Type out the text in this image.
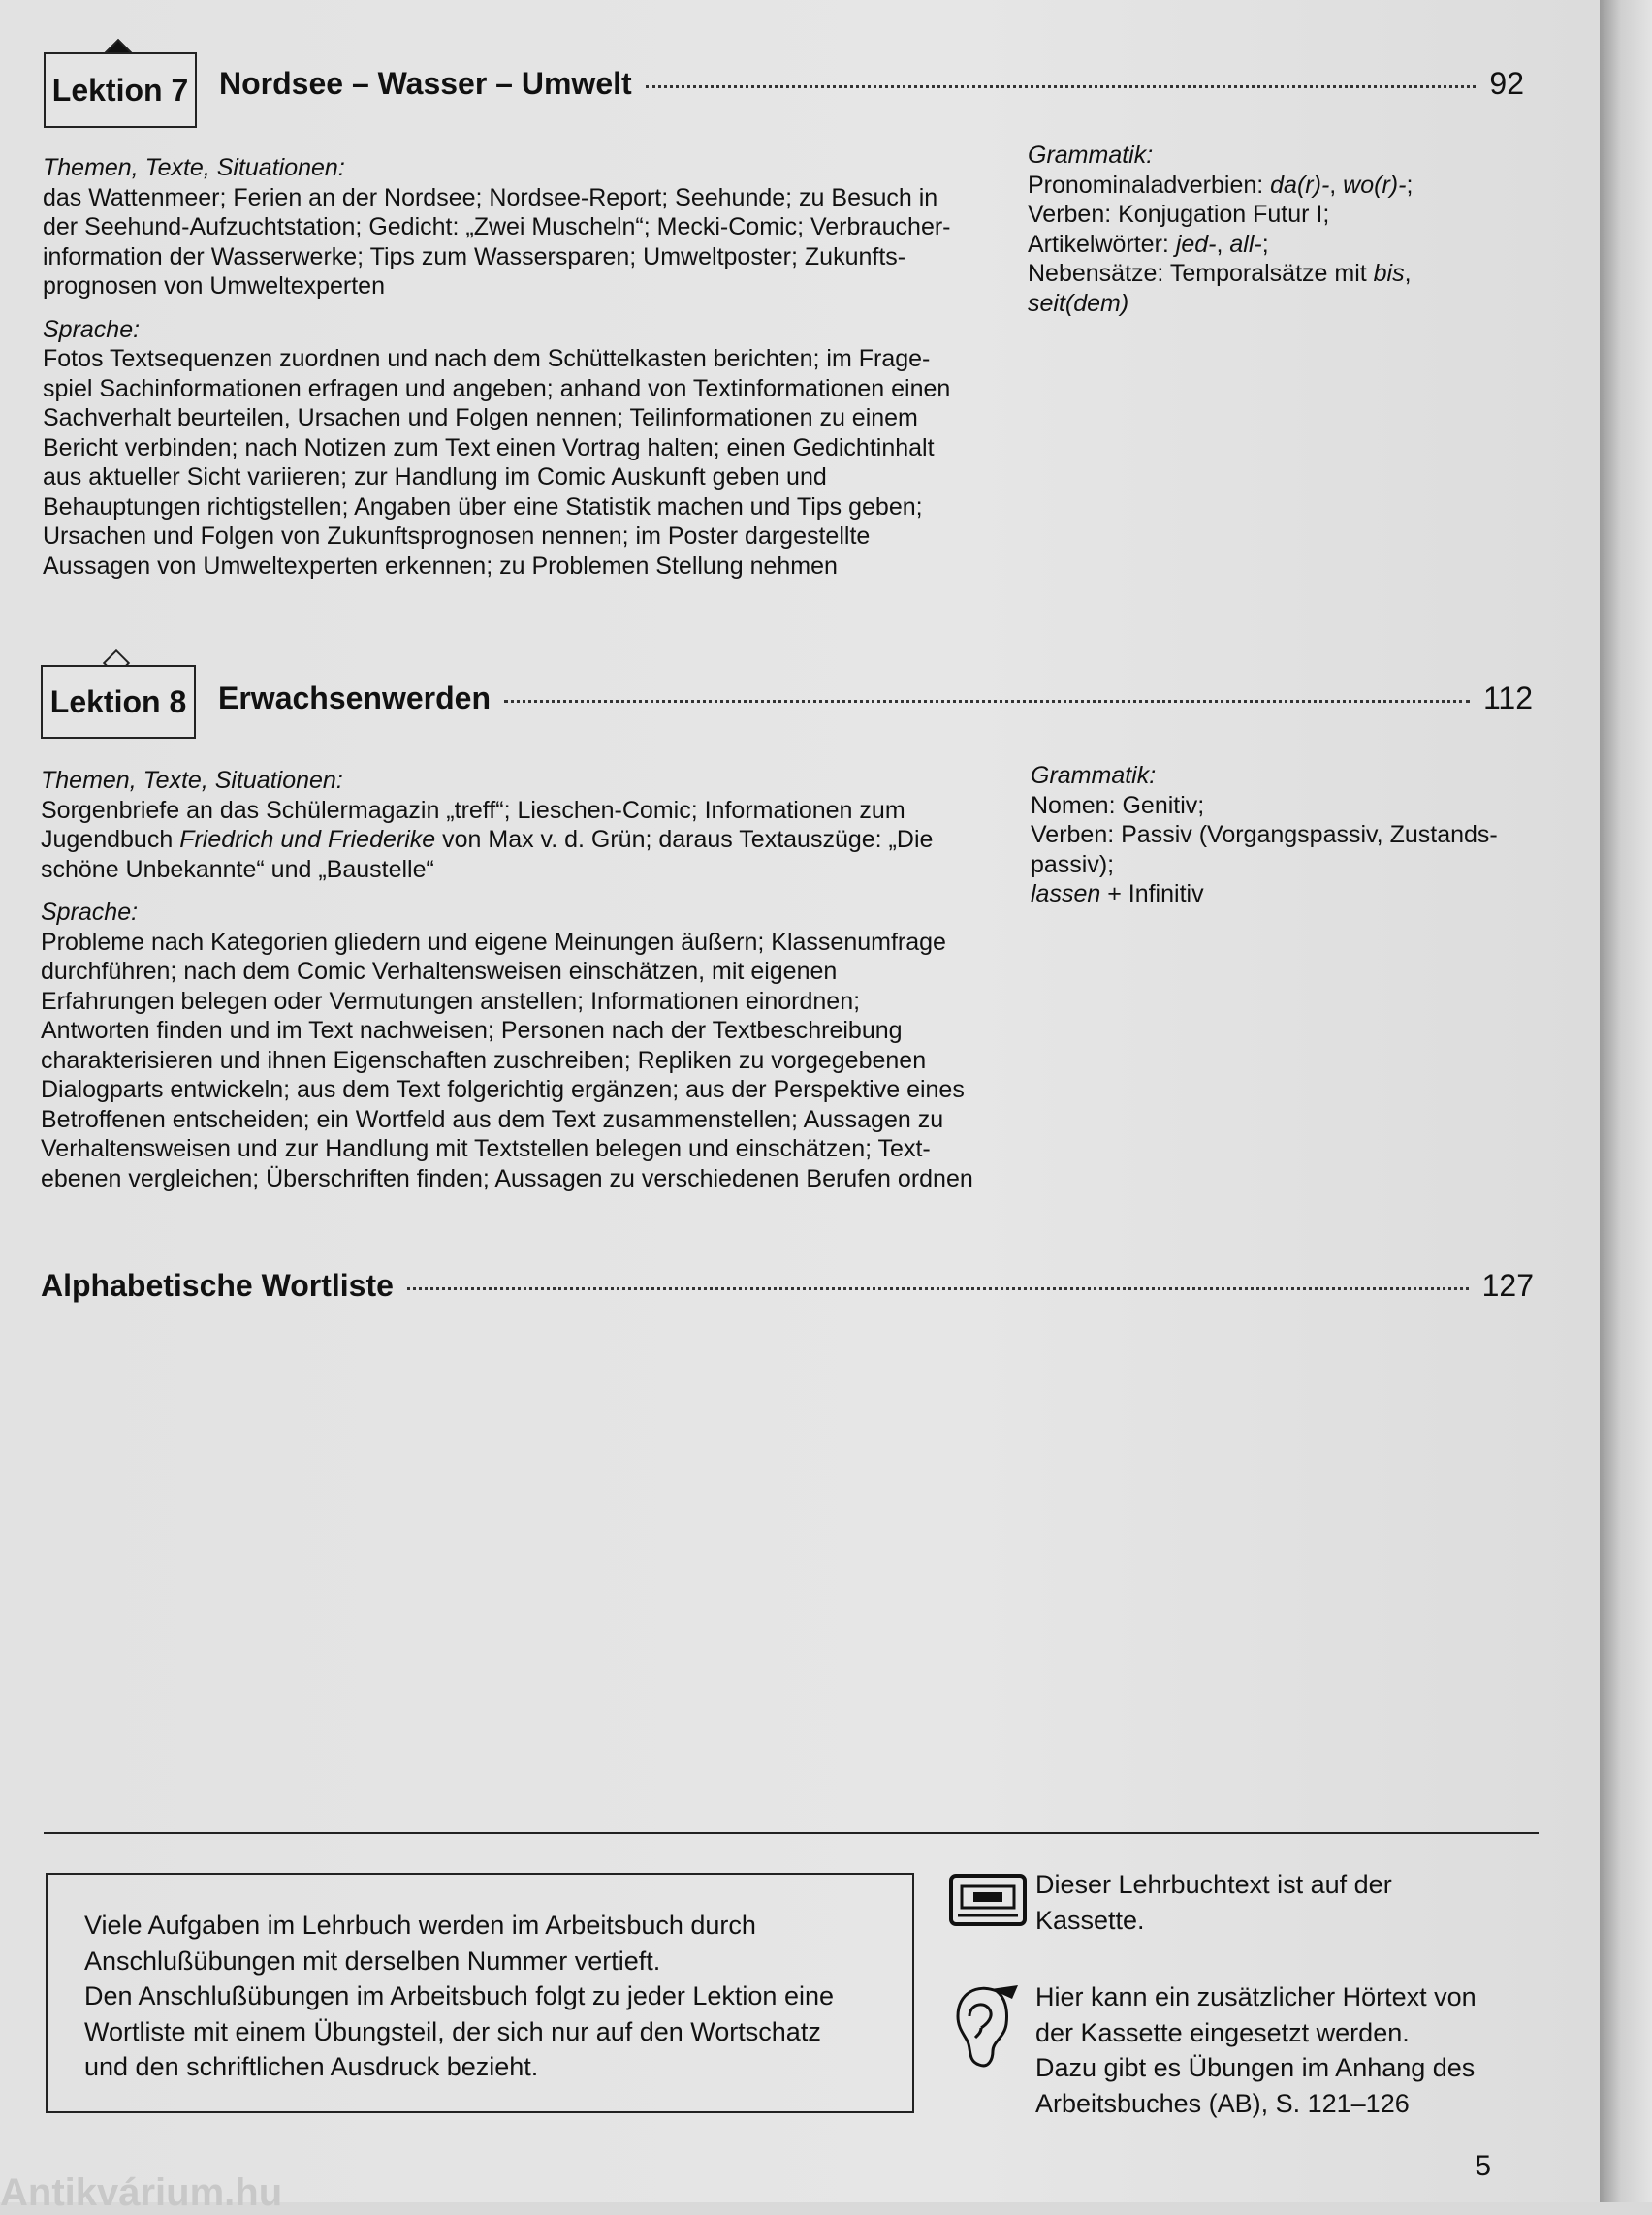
Lektion 7 Nordsee – Wasser – Umwelt	92

Themen, Texte, Situationen:

das Wattenmeer; Ferien an der Nordsee; Nordsee-Report; Seehunde; zu Besuch in

der Seehund-Aufzuchtstation; Gedicht: „Zwei Muscheln“; Mecki-Comic; Verbraucher-

information der Wasserwerke; Tips zum Wassersparen; Umweltposter; Zukunfts-

prognosen von Umweltexperten

Sprache:

Fotos Textsequenzen zuordnen und nach dem Schüttelkasten berichten; im Frage-

spiel Sachinformationen erfragen und angeben; anhand von Textinformationen einen

Sachverhalt beurteilen, Ursachen und Folgen nennen; Teilinformationen zu einem

Bericht verbinden; nach Notizen zum Text einen Vortrag halten; einen Gedichtinhalt

aus aktueller Sicht variieren; zur Handlung im Comic Auskunft geben und

Behauptungen richtigstellen; Angaben über eine Statistik machen und Tips geben;

Ursachen und Folgen von Zukunftsprognosen nennen; im Poster dargestellte

Aussagen von Umweltexperten erkennen; zu Problemen Stellung nehmen

Grammatik:

Pronominaladverbien: da(r)-, wo(r)-;

Verben: Konjugation Futur I;

Artikelwörter: jed-, all-;

Nebensätze: Temporalsätze mit bis,

seit(dem)

Lektion 8 Erwachsenwerden	112

Themen, Texte, Situationen:

Sorgenbriefe an das Schülermagazin „treff“; Lieschen-Comic; Informationen zum

Jugendbuch Friedrich und Friederike von Max v. d. Grün; daraus Textauszüge: „Die

schöne Unbekannte“ und „Baustelle“

Sprache:

Probleme nach Kategorien gliedern und eigene Meinungen äußern; Klassenumfrage

durchführen; nach dem Comic Verhaltensweisen einschätzen, mit eigenen

Erfahrungen belegen oder Vermutungen anstellen; Informationen einordnen;

Antworten finden und im Text nachweisen; Personen nach der Textbeschreibung

charakterisieren und ihnen Eigenschaften zuschreiben; Repliken zu vorgegebenen

Dialogparts entwickeln; aus dem Text folgerichtig ergänzen; aus der Perspektive eines

Betroffenen entscheiden; ein Wortfeld aus dem Text zusammenstellen; Aussagen zu

Verhaltensweisen und zur Handlung mit Textstellen belegen und einschätzen; Text-

ebenen vergleichen; Überschriften finden; Aussagen zu verschiedenen Berufen ordnen

Grammatik:

Nomen: Genitiv;

Verben: Passiv (Vorgangspassiv, Zustands-

passiv);

lassen + Infinitiv

Alphabetische Wortliste	127

Viele Aufgaben im Lehrbuch werden im Arbeitsbuch durch

Anschlußübungen mit derselben Nummer vertieft.

Den Anschlußübungen im Arbeitsbuch folgt zu jeder Lektion eine

Wortliste mit einem Übungsteil, der sich nur auf den Wortschatz

und den schriftlichen Ausdruck bezieht.

Dieser Lehrbuchtext ist auf der

Kassette.

Hier kann ein zusätzlicher Hörtext von

der Kassette eingesetzt werden.

Dazu gibt es Übungen im Anhang des

Arbeitsbuches (AB), S. 121–126

5
Antikvárium.hu
